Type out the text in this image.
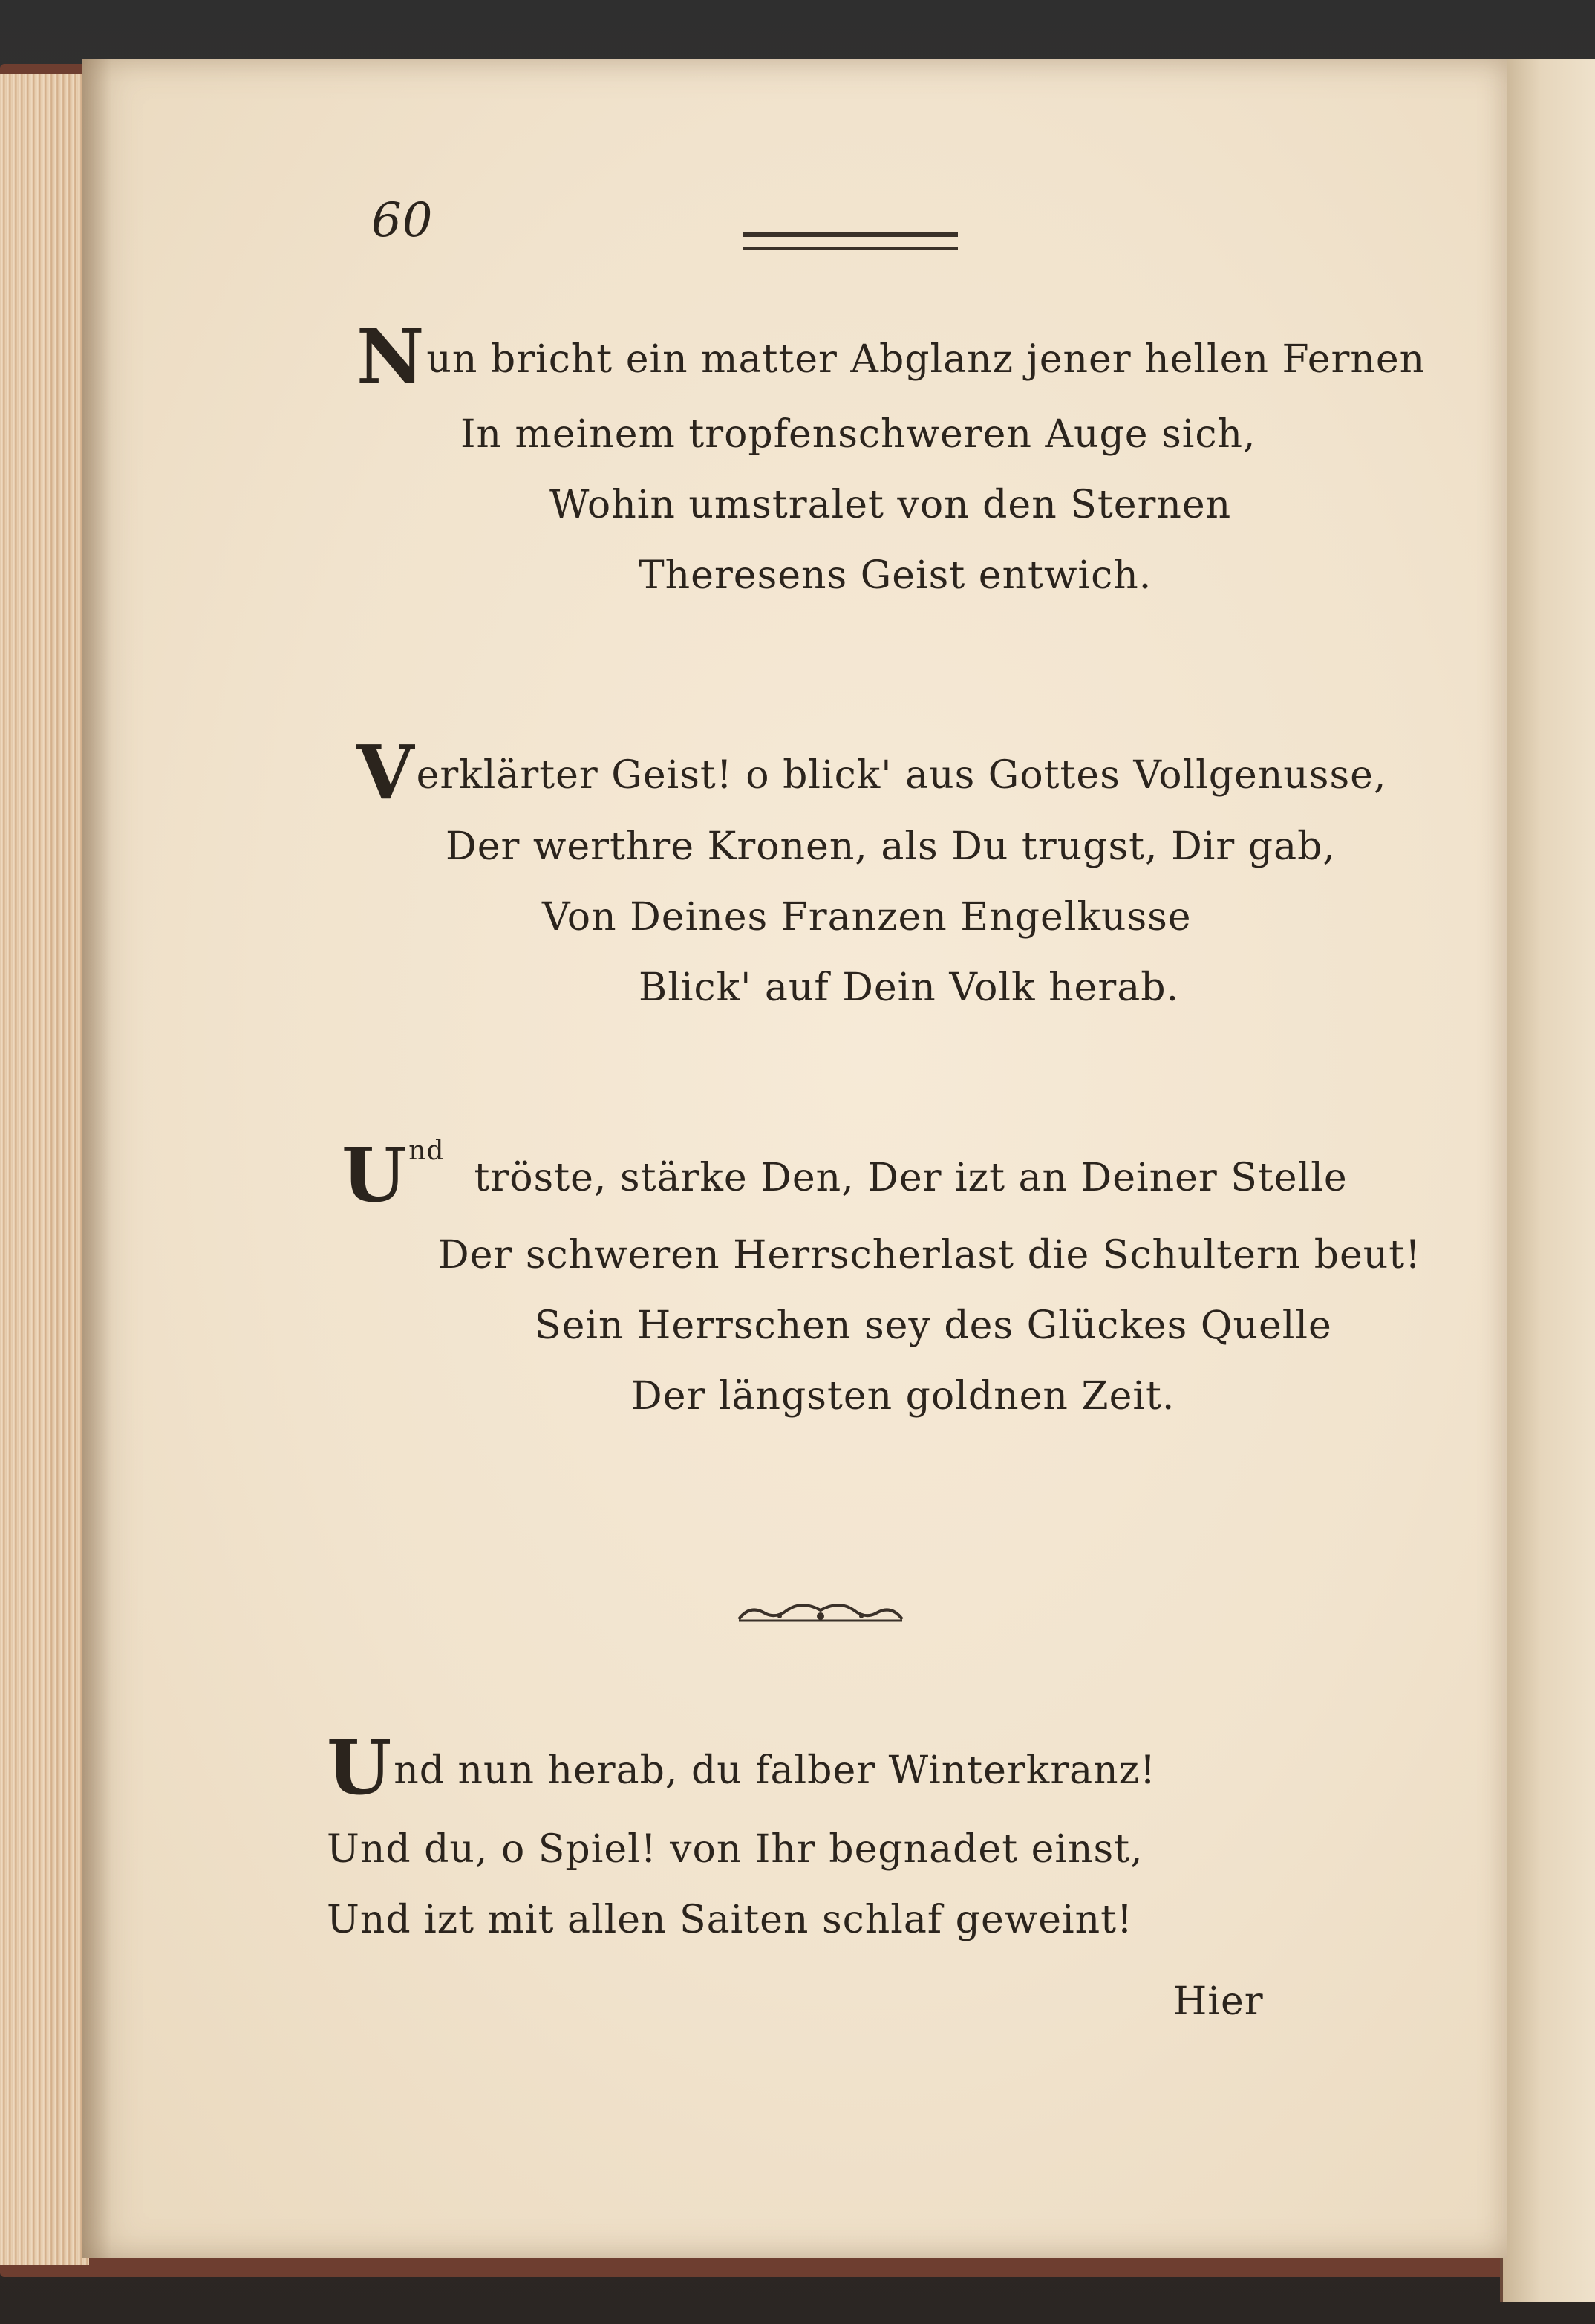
60
Nun bricht ein matter Abglanz jener hellen Fernen
In meinem tropfenschweren Auge sich,
Wohin umstralet von den Sternen
Theresens Geist entwich.
Verklärter Geist! o blick' aus Gottes Vollgenusse,
Der werthre Kronen, als Du trugst, Dir gab,
Von Deines Franzen Engelkusse
Blick' auf Dein Volk herab.
$U^{nd}tröste$, stärke Den, Der izt an Deiner Stelle
Der schweren Herrscherlast die Schultern beut!
Sein Herrschen sey des Glückes Quelle
Der längsten goldnen Zeit.
Und nun herab, du falber Winterkranz!
Und du, o Spiel! von Ihr begnadet einst,
Und izt mit allen Saiten schlaf geweint!
Hier
